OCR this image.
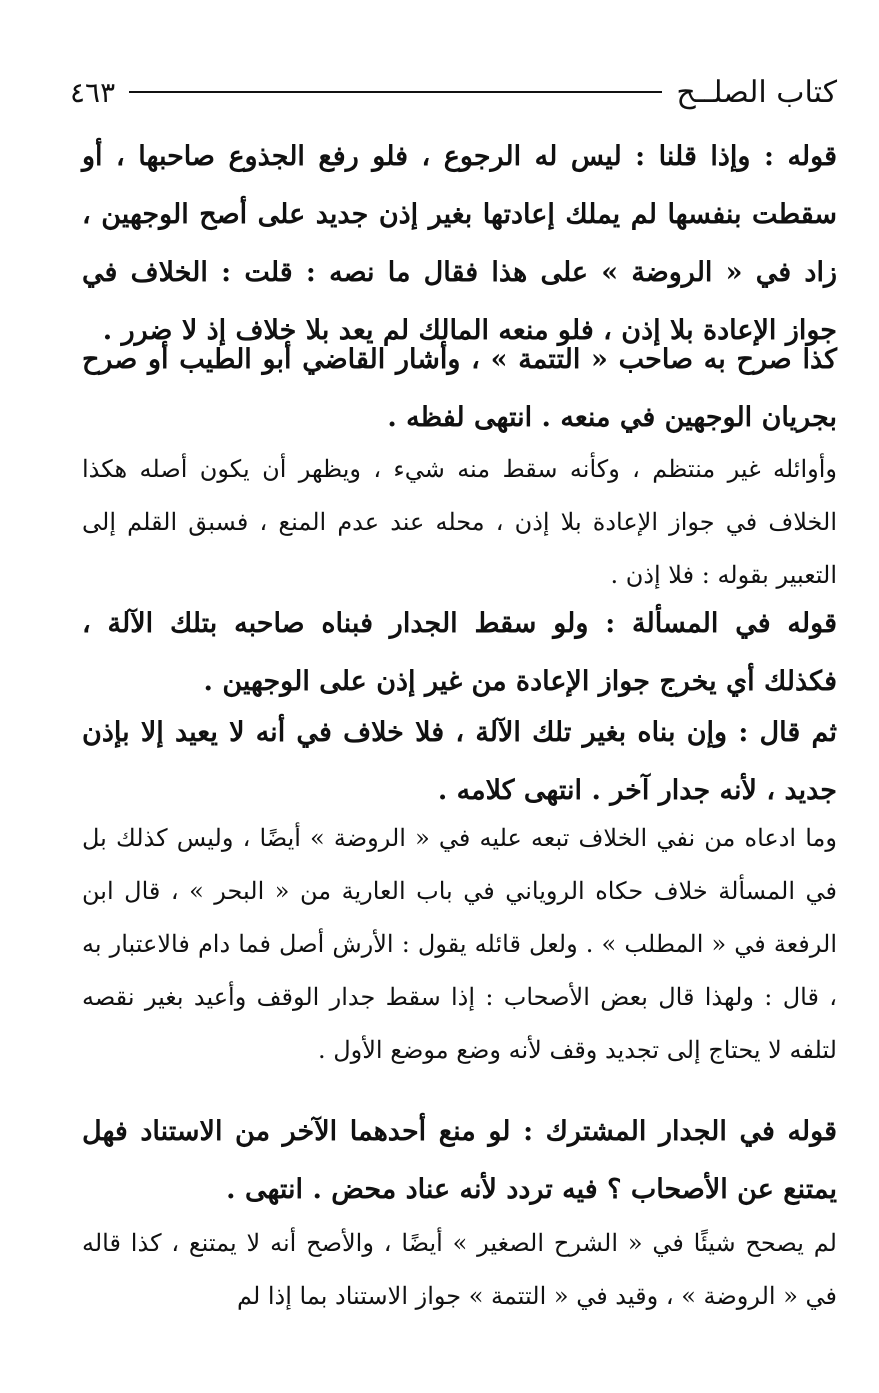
كتاب الصلــح
٤٦٣

قوله : وإذا قلنا : ليس له الرجوع ، فلو رفع الجذوع صاحبها ، أو سقطت بنفسها لم يملك إعادتها بغير إذن جديد على أصح الوجهين ، زاد في « الروضة » على هذا فقال ما نصه : قلت : الخلاف في جواز الإعادة بلا إذن ، فلو منعه المالك لم يعد بلا خلاف إذ لا ضرر .

كذا صرح به صاحب « التتمة » ، وأشار القاضي أبو الطيب أو صرح بجريان الوجهين في منعه . انتهى لفظه .

وأوائله غير منتظم ، وكأنه سقط منه شيء ، ويظهر أن يكون أصله هكذا الخلاف في جواز الإعادة بلا إذن ، محله عند عدم المنع ، فسبق القلم إلى التعبير بقوله : فلا إذن .

قوله في المسألة : ولو سقط الجدار فبناه صاحبه بتلك الآلة ، فكذلك أي يخرج جواز الإعادة من غير إذن على الوجهين .

ثم قال : وإن بناه بغير تلك الآلة ، فلا خلاف في أنه لا يعيد إلا بإذن جديد ، لأنه جدار آخر . انتهى كلامه .

وما ادعاه من نفي الخلاف تبعه عليه في « الروضة » أيضًا ، وليس كذلك بل في المسألة خلاف حكاه الروياني في باب العارية من « البحر » ، قال ابن الرفعة في « المطلب » . ولعل قائله يقول : الأرش أصل فما دام فالاعتبار به ، قال : ولهذا قال بعض الأصحاب : إذا سقط جدار الوقف وأعيد بغير نقصه لتلفه لا يحتاج إلى تجديد وقف لأنه وضع موضع الأول .

قوله في الجدار المشترك : لو منع أحدهما الآخر من الاستناد فهل يمتنع عن الأصحاب ؟ فيه تردد لأنه عناد محض . انتهى .

لم يصحح شيئًا في « الشرح الصغير » أيضًا ، والأصح أنه لا يمتنع ، كذا قاله في « الروضة » ، وقيد في « التتمة » جواز الاستناد بما إذا لم
